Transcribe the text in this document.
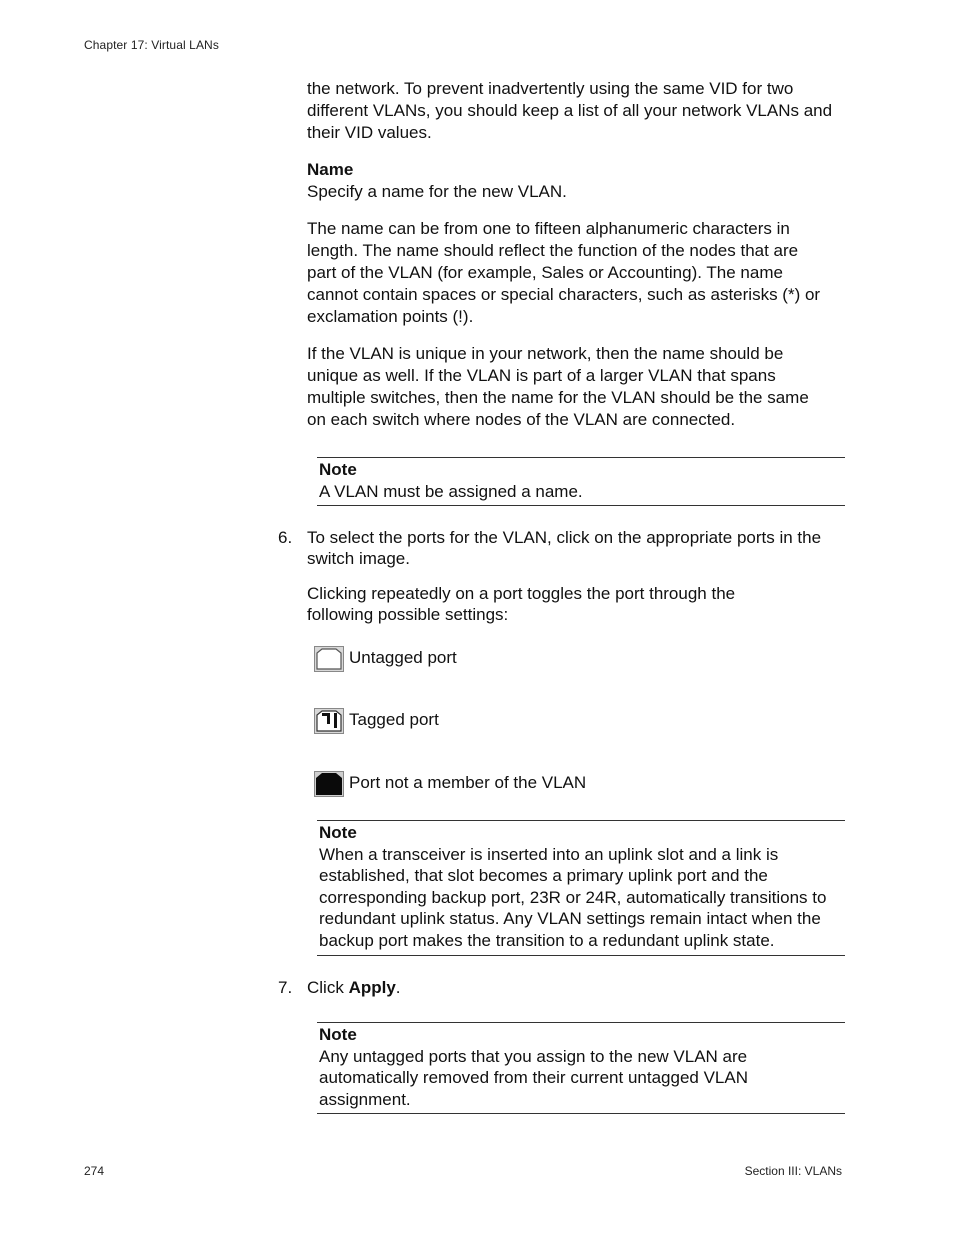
Chapter 17: Virtual LANs

the network. To prevent inadvertently using the same VID for two

different VLANs, you should keep a list of all your network VLANs and

their VID values.

Name

Specify a name for the new VLAN.

The name can be from one to fifteen alphanumeric characters in

length. The name should reflect the function of the nodes that are

part of the VLAN (for example, Sales or Accounting). The name

cannot contain spaces or special characters, such as asterisks (*) or

exclamation points (!).

If the VLAN is unique in your network, then the name should be

unique as well. If the VLAN is part of a larger VLAN that spans

multiple switches, then the name for the VLAN should be the same

on each switch where nodes of the VLAN are connected.

Note
A VLAN must be assigned a name.
6. To select the ports for the VLAN, click on the appropriate ports in the

switch image.

Clicking repeatedly on a port toggles the port through the

following possible settings:

Untagged port
Tagged port
Port not a member of the VLAN
Note
When a transceiver is inserted into an uplink slot and a link is
established, that slot becomes a primary uplink port and the
corresponding backup port, 23R or 24R, automatically transitions to
redundant uplink status. Any VLAN settings remain intact when the
backup port makes the transition to a redundant uplink state.
7. Click Apply.
Note
Any untagged ports that you assign to the new VLAN are
automatically removed from their current untagged VLAN
assignment.
274	Section III: VLANs
